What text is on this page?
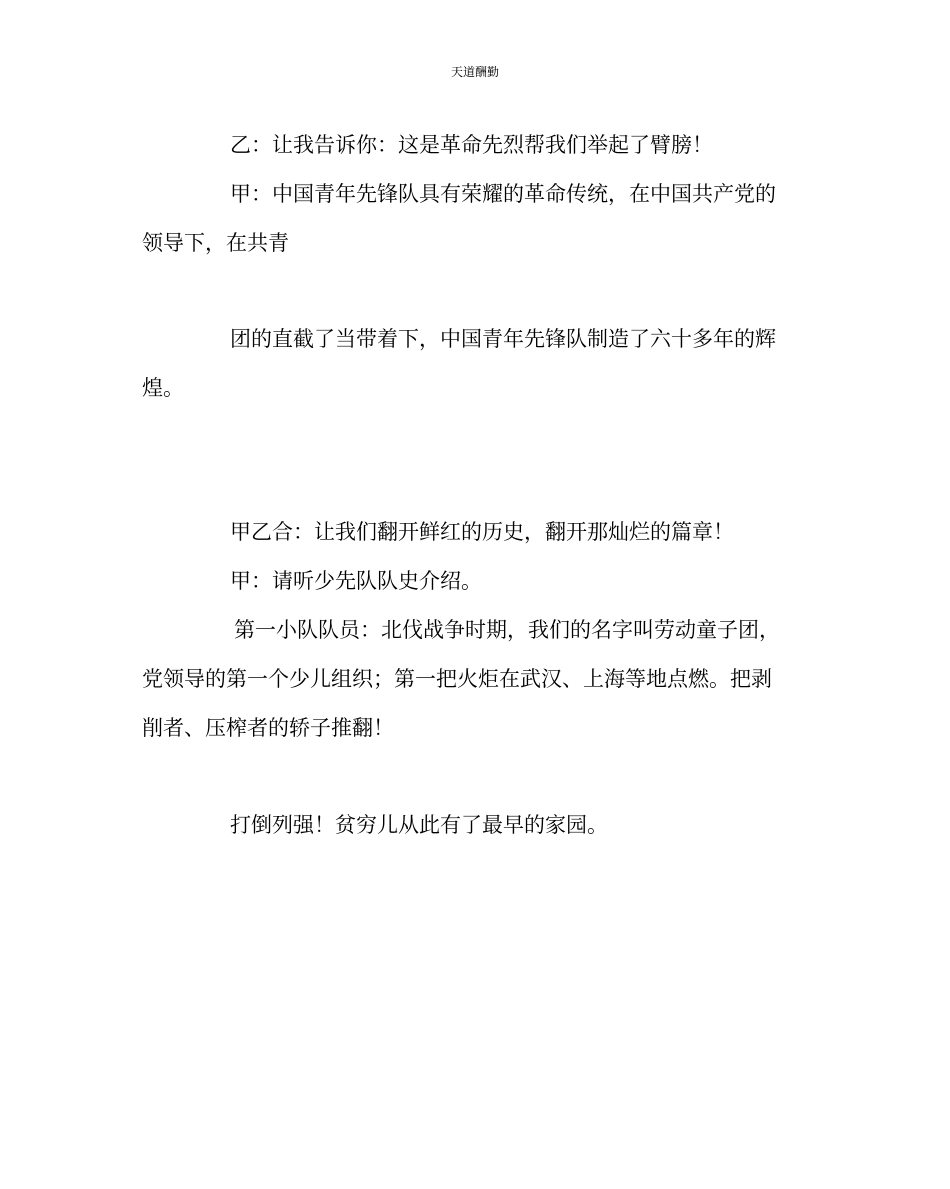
天道酬勤
乙：让我告诉你：这是革命先烈帮我们举起了臂膀！
甲：中国青年先锋队具有荣耀的革命传统，在中国共产党的
领导下，在共青
团的直截了当带着下，中国青年先锋队制造了六十多年的辉
煌。
甲乙合：让我们翻开鲜红的历史，翻开那灿烂的篇章！
甲：请听少先队队史介绍。
第一小队队员：北伐战争时期，我们的名字叫劳动童子团，
党领导的第一个少儿组织；第一把火炬在武汉、上海等地点燃。把剥
削者、压榨者的轿子推翻！
打倒列强！贫穷儿从此有了最早的家园。
